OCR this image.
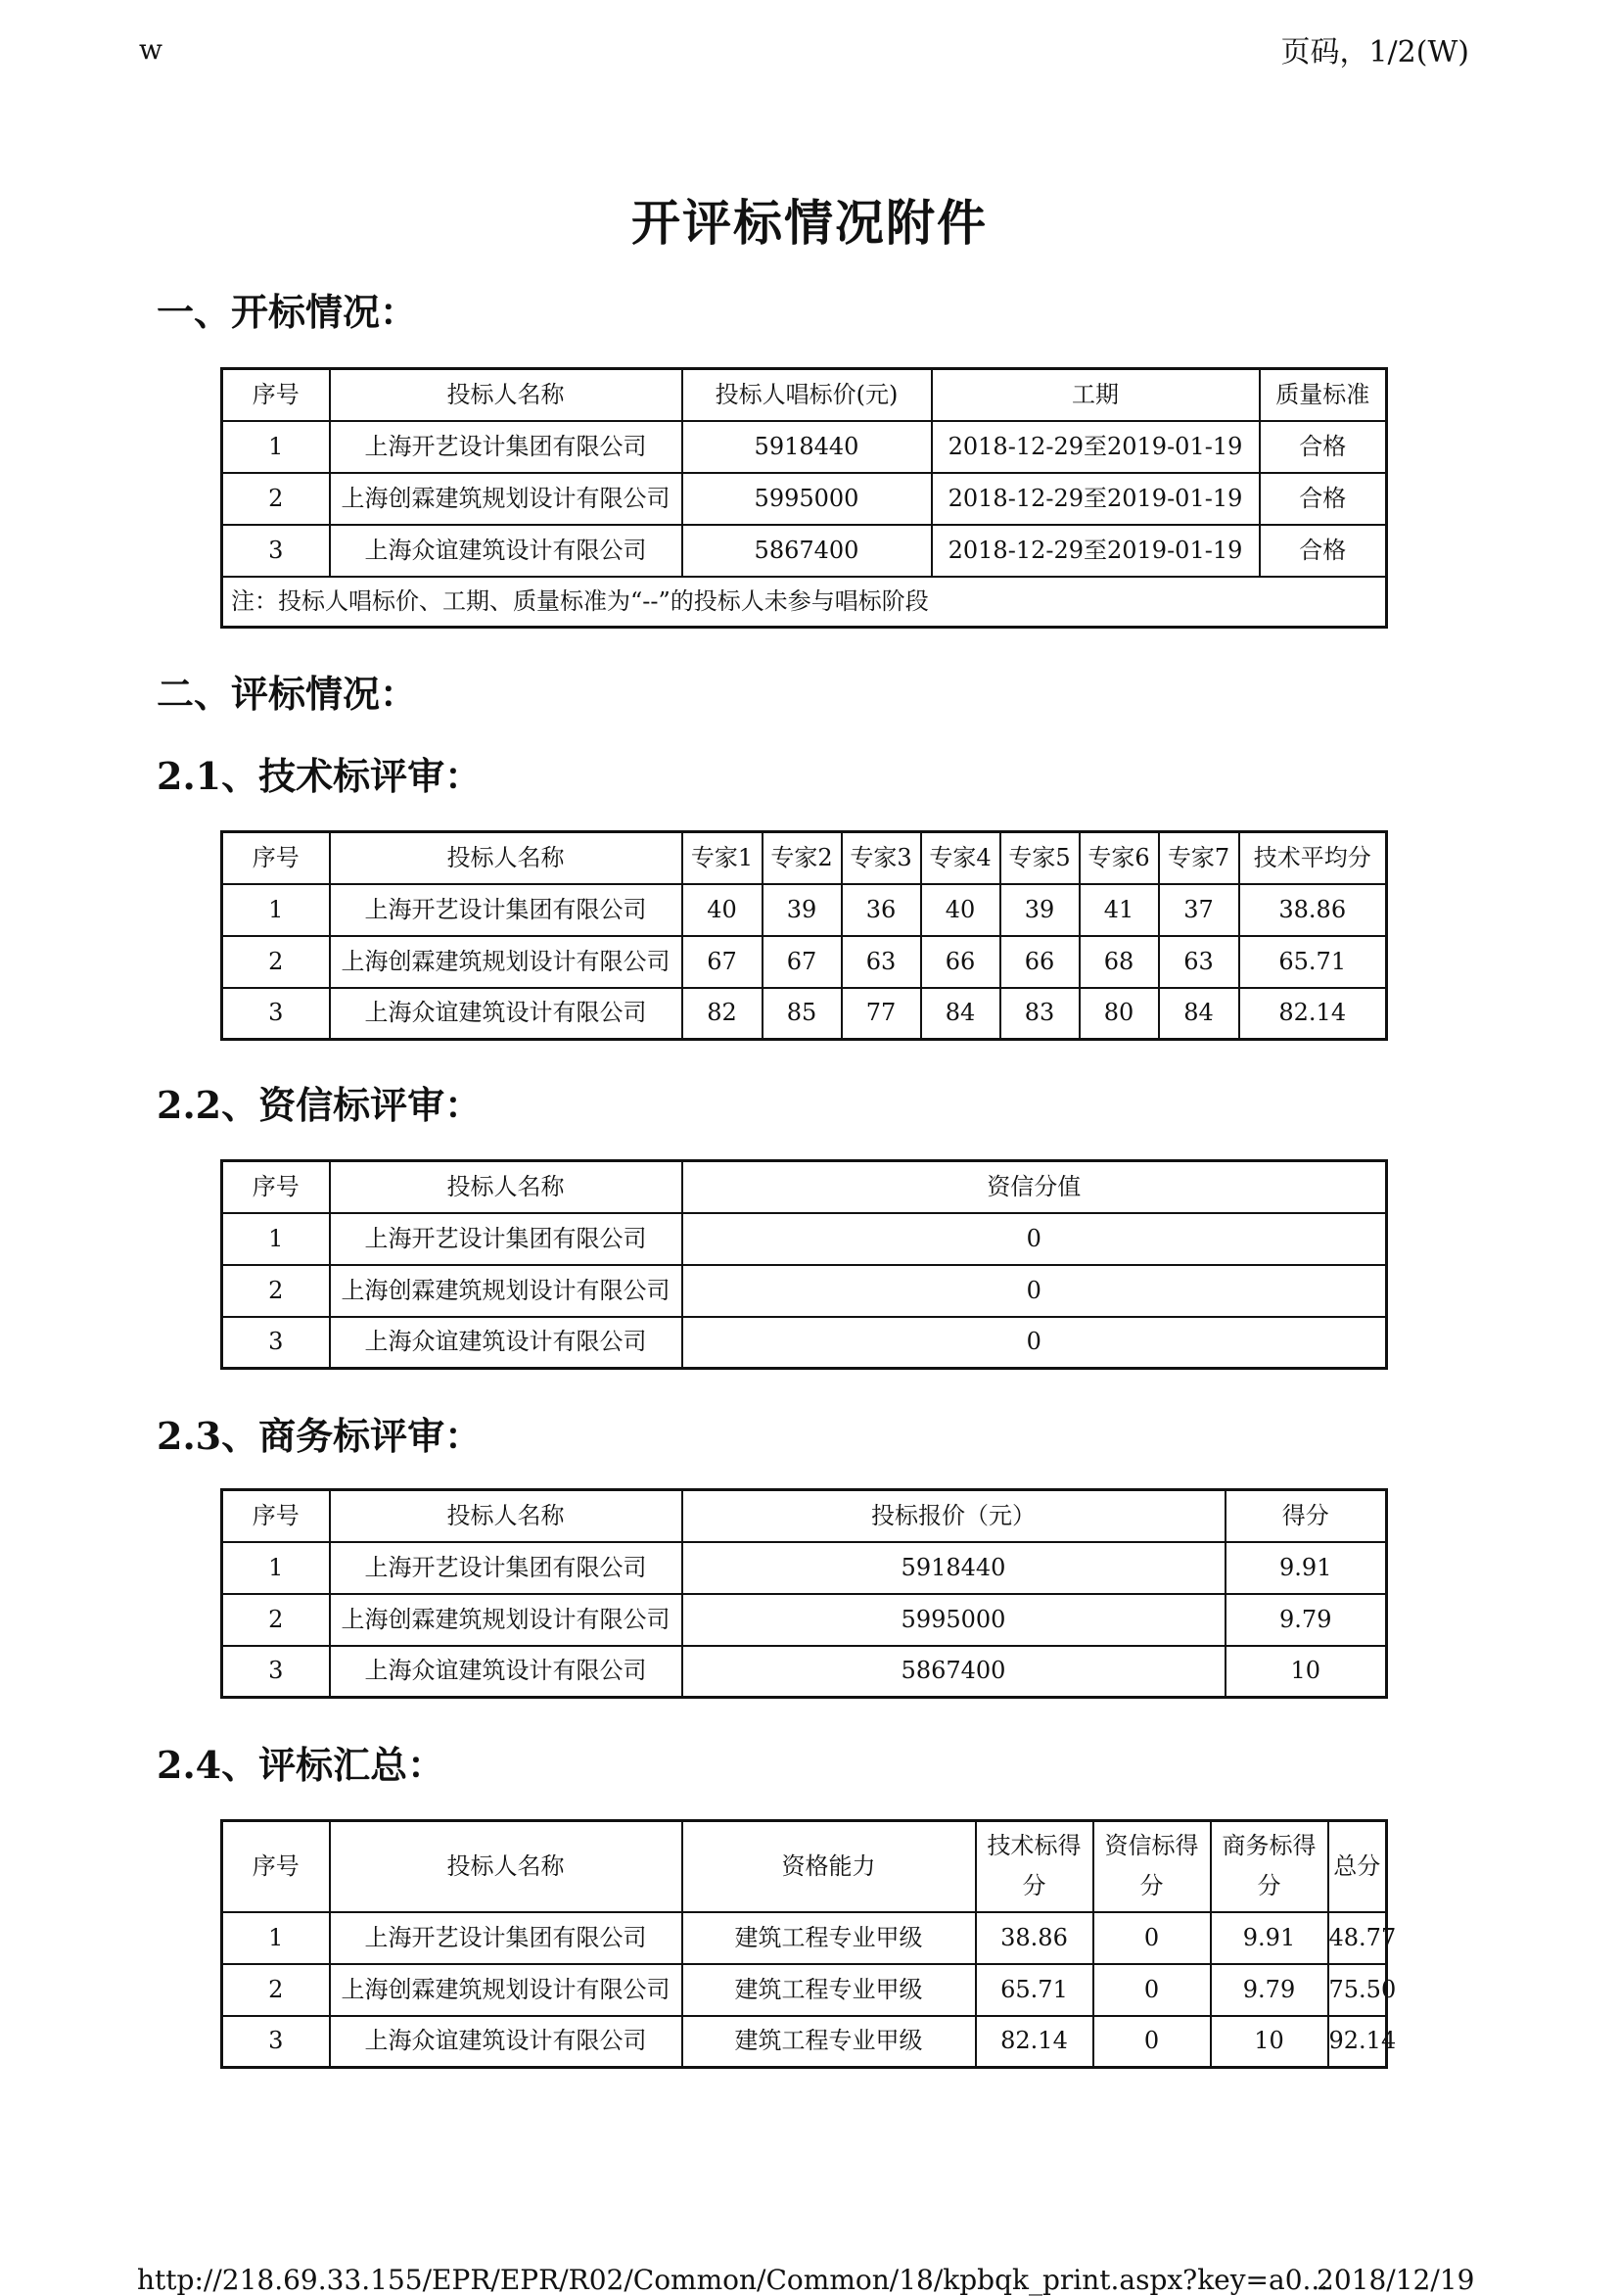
w	页码，1/2(W)
开评标情况附件
一、开标情况：
序号	投标人名称	投标人唱标价(元)	工期	质量标准
1	上海开艺设计集团有限公司	5918440	2018-12-29至2019-01-19	合格
2	上海创霖建筑规划设计有限公司	5995000	2018-12-29至2019-01-19	合格
3	上海众谊建筑设计有限公司	5867400	2018-12-29至2019-01-19	合格
注：投标人唱标价、工期、质量标准为“--”的投标人未参与唱标阶段				
二、评标情况：
2.1、技术标评审：
序号	投标人名称	专家1	专家2	专家3	专家4	专家5	专家6	专家7	技术平均分
1	上海开艺设计集团有限公司	40	39	36	40	39	41	37	38.86
2	上海创霖建筑规划设计有限公司	67	67	63	66	66	68	63	65.71
3	上海众谊建筑设计有限公司	82	85	77	84	83	80	84	82.14
2.2、资信标评审：
序号	投标人名称	资信分值
1	上海开艺设计集团有限公司	0
2	上海创霖建筑规划设计有限公司	0
3	上海众谊建筑设计有限公司	0
2.3、商务标评审：
序号	投标人名称	投标报价（元）	得分
1	上海开艺设计集团有限公司	5918440	9.91
2	上海创霖建筑规划设计有限公司	5995000	9.79
3	上海众谊建筑设计有限公司	5867400	10
2.4、评标汇总：
序号	投标人名称	资格能力	技术标得分	资信标得分	商务标得分	总分
1	上海开艺设计集团有限公司	建筑工程专业甲级	38.86	0	9.91	48.77
2	上海创霖建筑规划设计有限公司	建筑工程专业甲级	65.71	0	9.79	75.50
3	上海众谊建筑设计有限公司	建筑工程专业甲级	82.14	0	10	92.14
http://218.69.33.155/EPR/EPR/R02/Common/Common/18/kpbqk_print.aspx?key=a0...
2018/12/19
